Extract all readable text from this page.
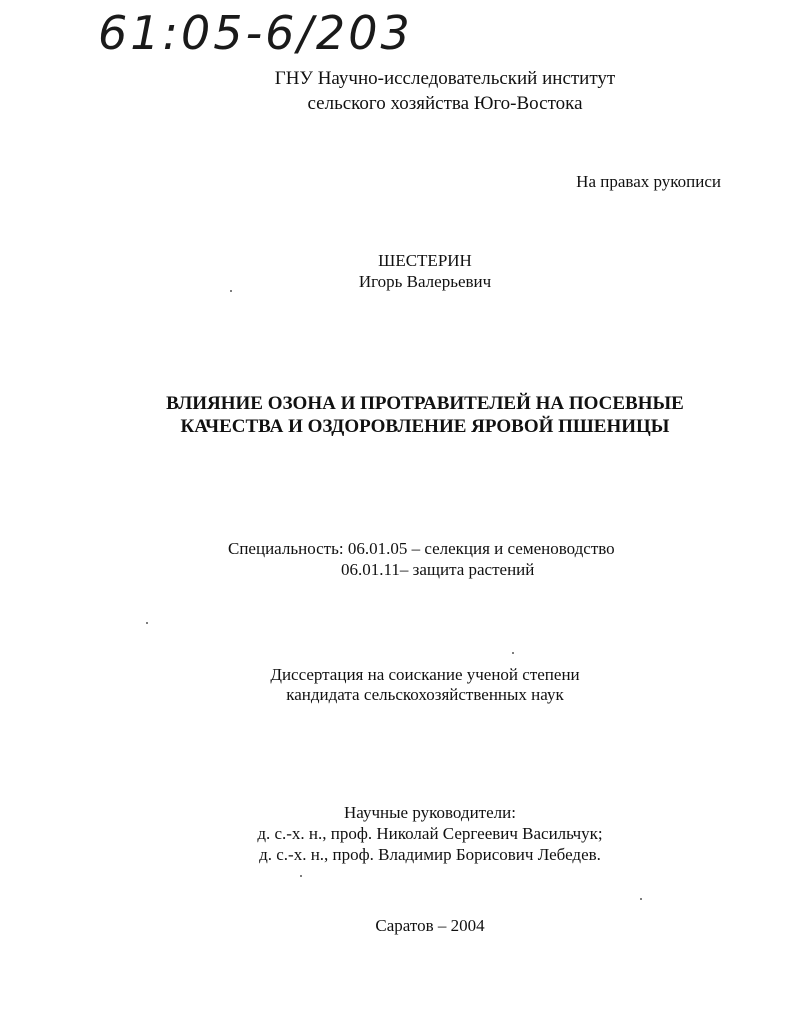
61:05-6/203
ГНУ Научно-исследовательский институт
сельского хозяйства Юго-Востока
На правах рукописи
ШЕСТЕРИН
Игорь Валерьевич
ВЛИЯНИЕ ОЗОНА И ПРОТРАВИТЕЛЕЙ НА ПОСЕВНЫЕ
КАЧЕСТВА И ОЗДОРОВЛЕНИЕ ЯРОВОЙ ПШЕНИЦЫ
Специальность: 06.01.05 – селекция и семеноводство
06.01.11– защита растений
Диссертация на соискание ученой степени
кандидата сельскохозяйственных наук
Научные руководители:
д. с.-х. н., проф. Николай Сергеевич Васильчук;
д. с.-х. н., проф. Владимир Борисович Лебедев.
Саратов – 2004
